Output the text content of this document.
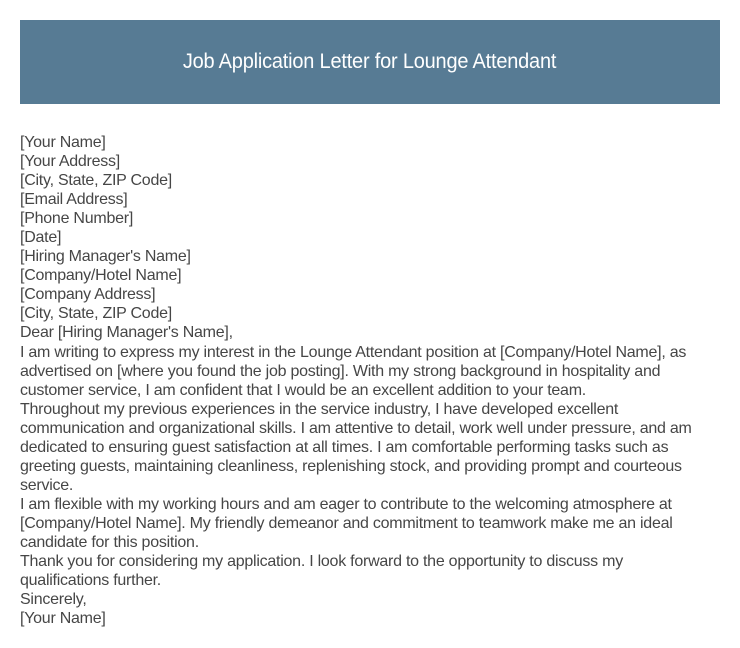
Job Application Letter for Lounge Attendant
[Your Name]
[Your Address]
[City, State, ZIP Code]
[Email Address]
[Phone Number]
[Date]
[Hiring Manager's Name]
[Company/Hotel Name]
[Company Address]
[City, State, ZIP Code]
Dear [Hiring Manager's Name],
I am writing to express my interest in the Lounge Attendant position at [Company/Hotel Name], as
advertised on [where you found the job posting]. With my strong background in hospitality and
customer service, I am confident that I would be an excellent addition to your team.
Throughout my previous experiences in the service industry, I have developed excellent
communication and organizational skills. I am attentive to detail, work well under pressure, and am
dedicated to ensuring guest satisfaction at all times. I am comfortable performing tasks such as
greeting guests, maintaining cleanliness, replenishing stock, and providing prompt and courteous
service.
I am flexible with my working hours and am eager to contribute to the welcoming atmosphere at
[Company/Hotel Name]. My friendly demeanor and commitment to teamwork make me an ideal
candidate for this position.
Thank you for considering my application. I look forward to the opportunity to discuss my
qualifications further.
Sincerely,
[Your Name]
